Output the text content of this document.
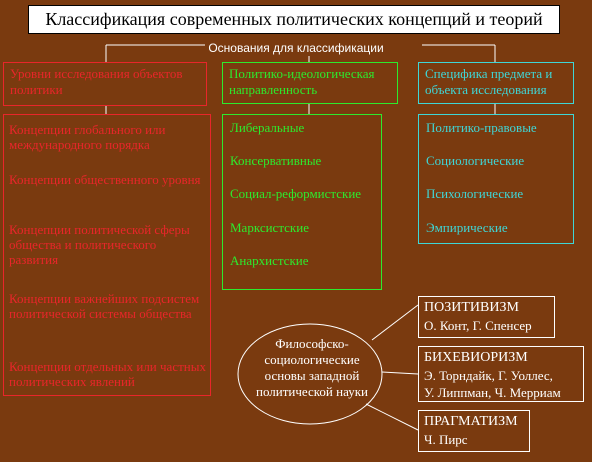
Классификация современных политических концепций и теорий
Основания для классификации
Уровни исследования объектов политики
Концепции глобального или международного порядка
Концепции общественного уровня
Концепции политической сферы общества и политического развития
Концепции важнейших подсистем политической системы общества
Концепции отдельных или частных политических явлений
Политико-идеологическая направленность
Либеральные
Консервативные
Социал-реформистские
Марксистские
Анархистские
Специфика предмета и объекта исследования
Политико-правовые
Социологические
Психологические
Эмпирические
Философско-социологические основы западной политической науки
ПОЗИТИВИЗМ
О. Конт, Г. Спенсер
БИХЕВИОРИЗМ
Э. Торндайк, Г. Уоллес,
У. Липпман, Ч. Мерриам
ПРАГМАТИЗМ
Ч. Пирс
